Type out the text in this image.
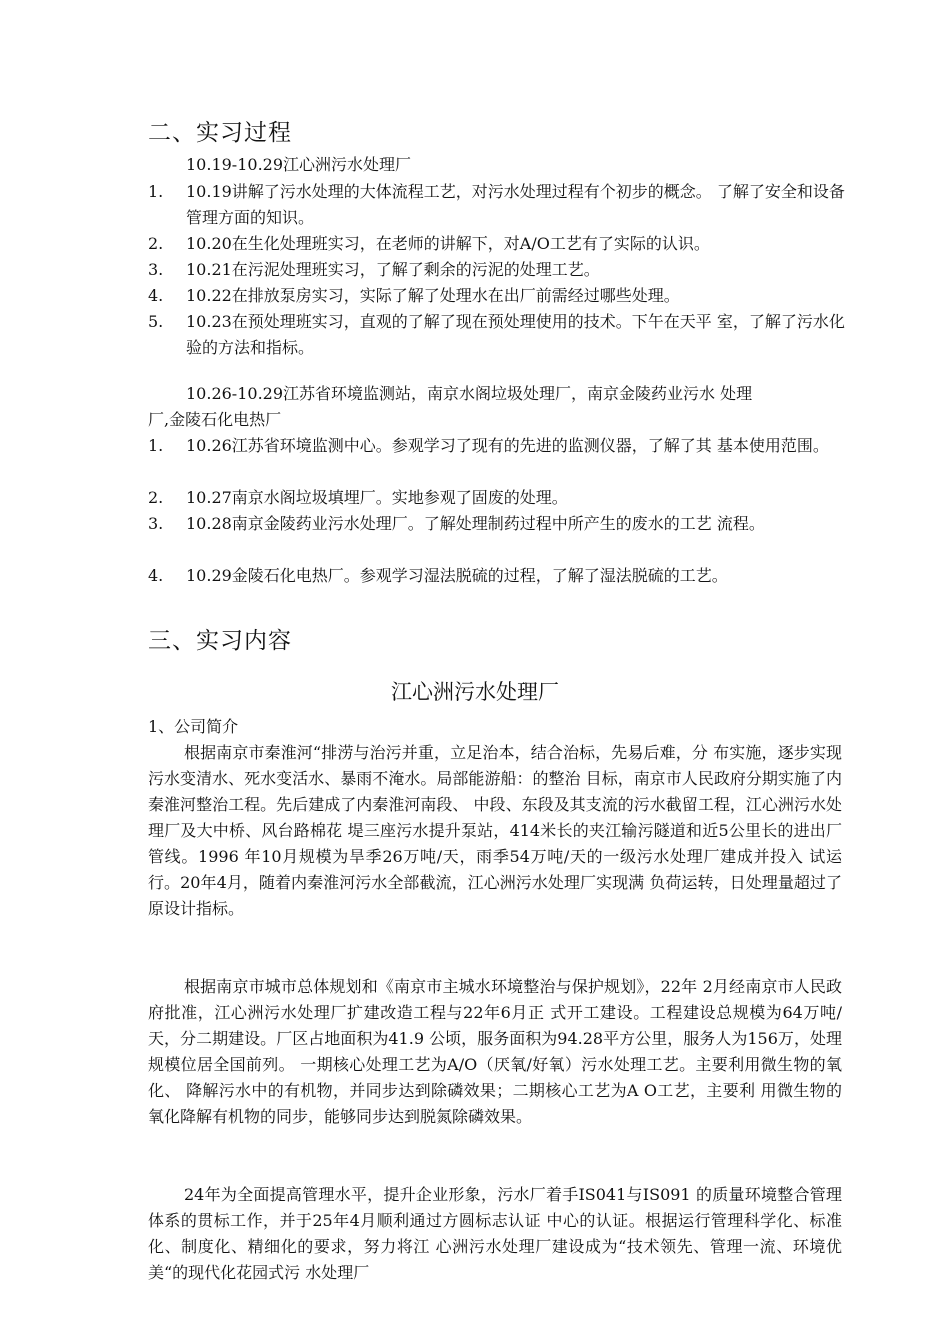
二、实习过程
10.19-10.29江心洲污水处理厂
1. 10.19讲解了污水处理的大体流程工艺，对污水处理过程有个初步的概念。 了解了安全和设备管理方面的知识。
2. 10.20在生化处理班实习，在老师的讲解下，对A/O工艺有了实际的认识。
3. 10.21在污泥处理班实习，了解了剩余的污泥的处理工艺。
4. 10.22在排放泵房实习，实际了解了处理水在出厂前需经过哪些处理。
5. 10.23在预处理班实习，直观的了解了现在预处理使用的技术。下午在天平 室，了解了污水化验的方法和指标。
10.26-10.29江苏省环境监测站，南京水阁垃圾处理厂，南京金陵药业污水 处理
厂,金陵石化电热厂
1. 10.26江苏省环境监测中心。参观学习了现有的先进的监测仪器，了解了其 基本使用范围。
2. 10.27南京水阁垃圾填埋厂。实地参观了固废的处理。
3. 10.28南京金陵药业污水处理厂。了解处理制药过程中所产生的废水的工艺 流程。
4. 10.29金陵石化电热厂。参观学习湿法脱硫的过程，了解了湿法脱硫的工艺。
三、实习内容
江心洲污水处理厂
1、公司简介
根据南京市秦淮河“排涝与治污并重，立足治本，结合治标，先易后难，分 布实施，逐步实现污水变清水、死水变活水、暴雨不淹水。局部能游船：的整治 目标，南京市人民政府分期实施了内秦淮河整治工程。先后建成了内秦淮河南段、 中段、东段及其支流的污水截留工程，江心洲污水处理厂及大中桥、风台路棉花 堤三座污水提升泵站，414米长的夹江输污隧道和近5公里长的进出厂管线。1996 年10月规模为旱季26万吨/天，雨季54万吨/天的一级污水处理厂建成并投入 试运行。20年4月，随着内秦淮河污水全部截流，江心洲污水处理厂实现满 负荷运转，日处理量超过了原设计指标。
根据南京市城市总体规划和《南京市主城水环境整治与保护规划》，22年 2月经南京市人民政府批准，江心洲污水处理厂扩建改造工程与22年6月正 式开工建设。工程建设总规模为64万吨/天，分二期建设。厂区占地面积为41.9 公顷，服务面积为94.28平方公里，服务人为156万，处理规模位居全国前列。 一期核心处理工艺为A/O（厌氧/好氧）污水处理工艺。主要利用微生物的氧化、 降解污水中的有机物，并同步达到除磷效果；二期核心工艺为A O工艺，主要利 用微生物的氧化降解有机物的同步，能够同步达到脱氮除磷效果。
24年为全面提高管理水平，提升企业形象，污水厂着手IS041与IS091 的质量环境整合管理体系的贯标工作，并于25年4月顺利通过方圆标志认证 中心的认证。根据运行管理科学化、标准化、制度化、精细化的要求，努力将江 心洲污水处理厂建设成为“技术领先、管理一流、环境优美“的现代化花园式污 水处理厂
